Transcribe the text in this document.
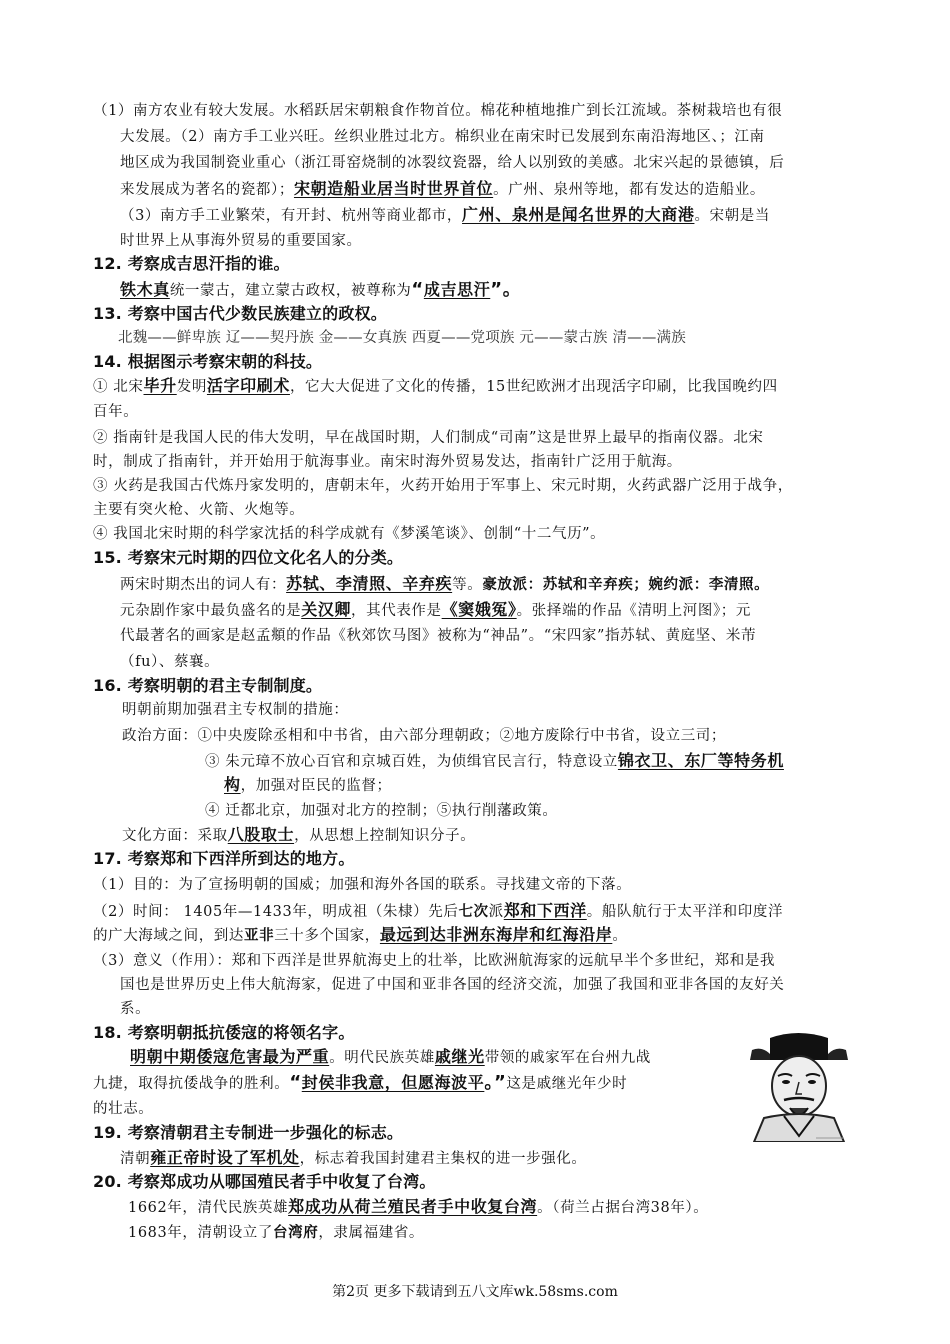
（1）南方农业有较大发展。水稻跃居宋朝粮食作物首位。棉花种植地推广到长江流域。茶树栽培也有很
大发展。（2）南方手工业兴旺。丝织业胜过北方。棉织业在南宋时已发展到东南沿海地区、；江南
地区成为我国制瓷业重心（浙江哥窑烧制的冰裂纹瓷器，给人以别致的美感。北宋兴起的景德镇，后
来发展成为著名的瓷都）；宋朝造船业居当时世界首位。广州、泉州等地，都有发达的造船业。
（3）南方手工业繁荣，有开封、杭州等商业都市，广州、泉州是闻名世界的大商港。宋朝是当
时世界上从事海外贸易的重要国家。
12. 考察成吉思汗指的谁。
铁木真统一蒙古，建立蒙古政权，被尊称为“成吉思汗”。
13. 考察中国古代少数民族建立的政权。
北魏——鲜卑族 辽——契丹族 金——女真族 西夏——党项族 元——蒙古族 清——满族
14. 根据图示考察宋朝的科技。
① 北宋毕升发明活字印刷术，它大大促进了文化的传播，15世纪欧洲才出现活字印刷，比我国晚约四
百年。
② 指南针是我国人民的伟大发明，早在战国时期，人们制成“司南”这是世界上最早的指南仪器。北宋
时，制成了指南针，并开始用于航海事业。南宋时海外贸易发达，指南针广泛用于航海。
③ 火药是我国古代炼丹家发明的，唐朝末年，火药开始用于军事上、宋元时期，火药武器广泛用于战争，
主要有突火枪、火箭、火炮等。
④ 我国北宋时期的科学家沈括的科学成就有《梦溪笔谈》、创制“十二气历”。
15. 考察宋元时期的四位文化名人的分类。
两宋时期杰出的词人有：苏轼、李清照、辛弃疾等。豪放派：苏轼和辛弃疾；婉约派：李清照。
元杂剧作家中最负盛名的是关汉卿，其代表作是《窦娥冤》。张择端的作品《清明上河图》；元
代最著名的画家是赵孟頫的作品《秋郊饮马图》被称为“神品”。“宋四家”指苏轼、黄庭坚、米芾
（fu）、蔡襄。
16. 考察明朝的君主专制制度。
明朝前期加强君主专权制的措施：
政治方面：①中央废除丞相和中书省，由六部分理朝政；②地方废除行中书省，设立三司；
③ 朱元璋不放心百官和京城百姓，为侦缉官民言行，特意设立锦衣卫、东厂等特务机
构，加强对臣民的监督；
④ 迁都北京，加强对北方的控制；⑤执行削藩政策。
文化方面：采取八股取士，从思想上控制知识分子。
17. 考察郑和下西洋所到达的地方。
（1）目的：为了宣扬明朝的国威；加强和海外各国的联系。寻找建文帝的下落。
（2）时间： 1405年—1433年，明成祖（朱棣）先后七次派郑和下西洋。船队航行于太平洋和印度洋
的广大海域之间，到达亚非三十多个国家，最远到达非洲东海岸和红海沿岸。
（3）意义（作用）：郑和下西洋是世界航海史上的壮举，比欧洲航海家的远航早半个多世纪，郑和是我
国也是世界历史上伟大航海家，促进了中国和亚非各国的经济交流，加强了我国和亚非各国的友好关
系。
18. 考察明朝抵抗倭寇的将领名字。
明朝中期倭寇危害最为严重。明代民族英雄戚继光带领的戚家军在台州九战
九捷，取得抗倭战争的胜利。“封侯非我意，但愿海波平。”这是戚继光年少时
的壮志。
19. 考察清朝君主专制进一步强化的标志。
清朝雍正帝时设了军机处，标志着我国封建君主集权的进一步强化。
20. 考察郑成功从哪国殖民者手中收复了台湾。
1662年，清代民族英雄郑成功从荷兰殖民者手中收复台湾。（荷兰占据台湾38年）。
1683年，清朝设立了台湾府，隶属福建省。
第2页 更多下载请到五八文库wk.58sms.com
